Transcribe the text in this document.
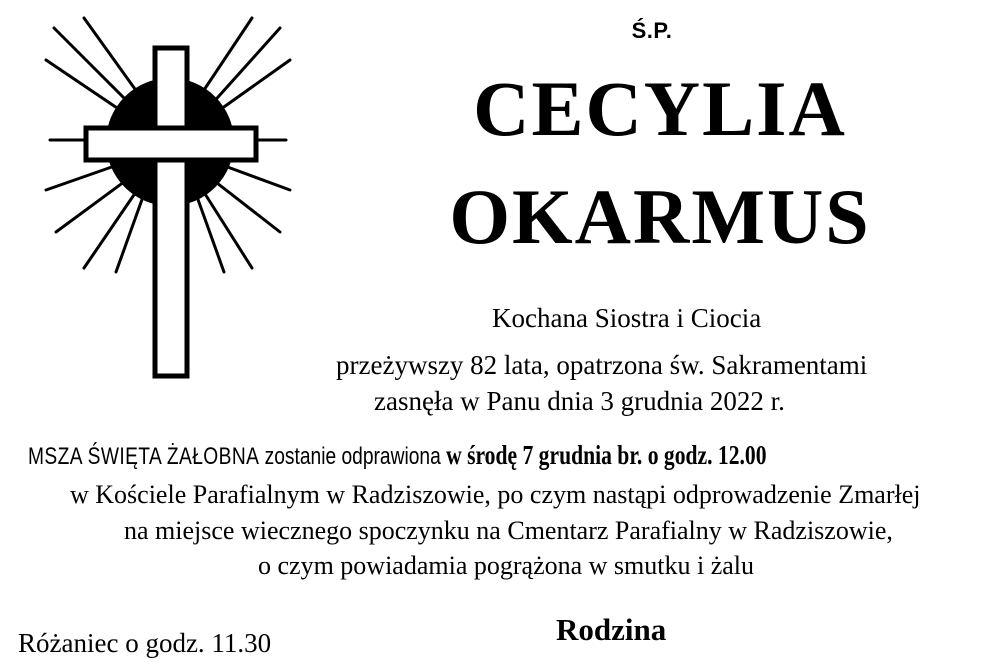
Ś.P.
CECYLIA
OKARMUS
Kochana Siostra i Ciocia
przeżywszy 82 lata, opatrzona św. Sakramentami
zasnęła w Panu dnia 3 grudnia 2022 r.
MSZA ŚWIĘTA ŻAŁOBNA zostanie odprawiona w środę 7 grudnia br. o godz. 12.00
w Kościele Parafialnym w Radziszowie, po czym nastąpi odprowadzenie Zmarłej
na miejsce wiecznego spoczynku na Cmentarz Parafialny w Radziszowie,
o czym powiadamia pogrążona w smutku i żalu
Rodzina
Różaniec o godz. 11.30
